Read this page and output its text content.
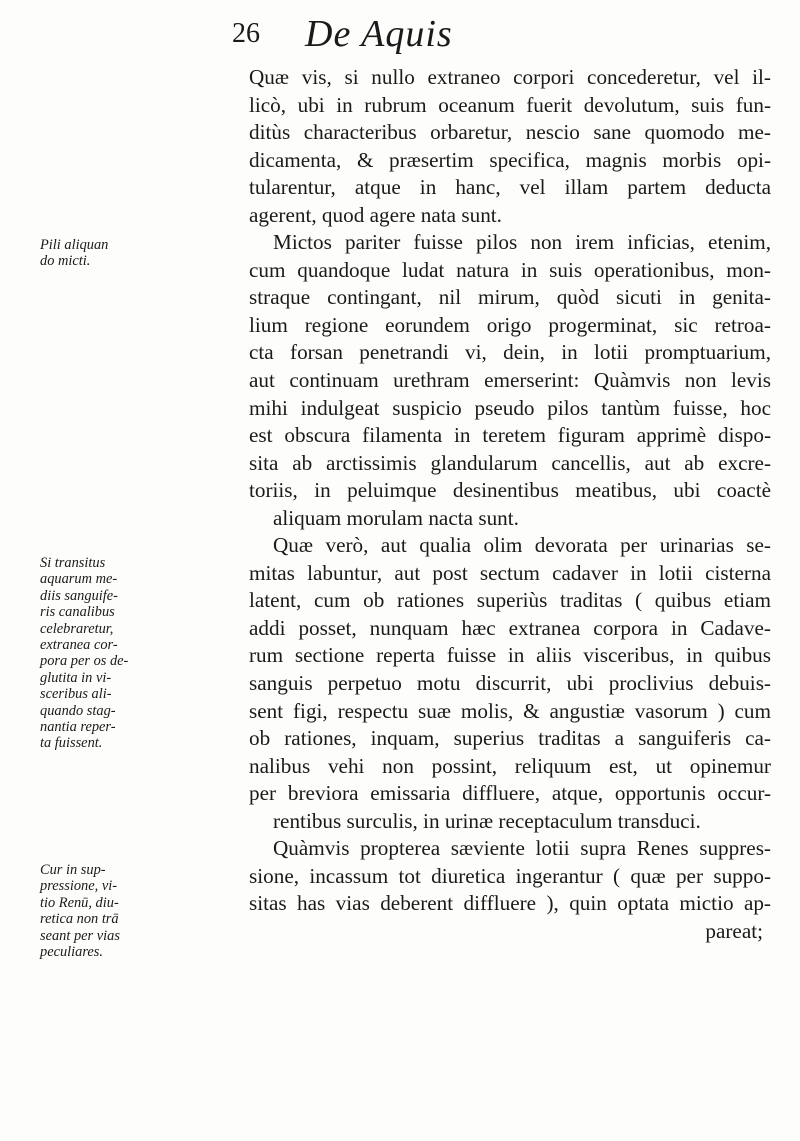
26 De Aquis
Quæ vis, si nullo extraneo corpori concederetur, vel il-
licò, ubi in rubrum oceanum fuerit devolutum, suis fun-
ditùs characteribus orbaretur, nescio sane quomodo me-
dicamenta, & præsertim specifica, magnis morbis opi-
tularentur, atque in hanc, vel illam partem deducta
agerent, quod agere nata sunt.
Mictos pariter fuisse pilos non irem inficias, etenim,
cum quandoque ludat natura in suis operationibus, mon-
straque contingant, nil mirum, quòd sicuti in genita-
lium regione eorundem origo progerminat, sic retroa-
cta forsan penetrandi vi, dein, in lotii promptuarium,
aut continuam urethram emerserint: Quàmvis non levis
mihi indulgeat suspicio pseudo pilos tantùm fuisse, hoc
est obscura filamenta in teretem figuram apprimè dispo-
sita ab arctissimis glandularum cancellis, aut ab excre-
toriis, in peluimque desinentibus meatibus, ubi coactè
aliquam morulam nacta sunt.
Quæ verò, aut qualia olim devorata per urinarias se-
mitas labuntur, aut post sectum cadaver in lotii cisterna
latent, cum ob rationes superiùs traditas ( quibus etiam
addi posset, nunquam hæc extranea corpora in Cadave-
rum sectione reperta fuisse in aliis visceribus, in quibus
sanguis perpetuo motu discurrit, ubi proclivius debuis-
sent figi, respectu suæ molis, & angustiæ vasorum ) cum
ob rationes, inquam, superius traditas a sanguiferis ca-
nalibus vehi non possint, reliquum est, ut opinemur
per breviora emissaria diffluere, atque, opportunis occur-
rentibus surculis, in urinæ receptaculum transduci.
Quàmvis propterea sæviente lotii supra Renes suppres-
sione, incassum tot diuretica ingerantur ( quæ per suppo-
sitas has vias deberent diffluere ), quin optata mictio ap-
pareat;
Pili aliquan
do micti.
Si transitus
aquarum me-
diis sanguife-
ris canalibus
celebraretur,
extranea cor-
pora per os de-
glutita in vi-
sceribus ali-
quando stag-
nantia reper-
ta fuissent.
Cur in sup-
pressione, vi-
tio Renū, diu-
retica non trā
seant per vias
peculiares.
